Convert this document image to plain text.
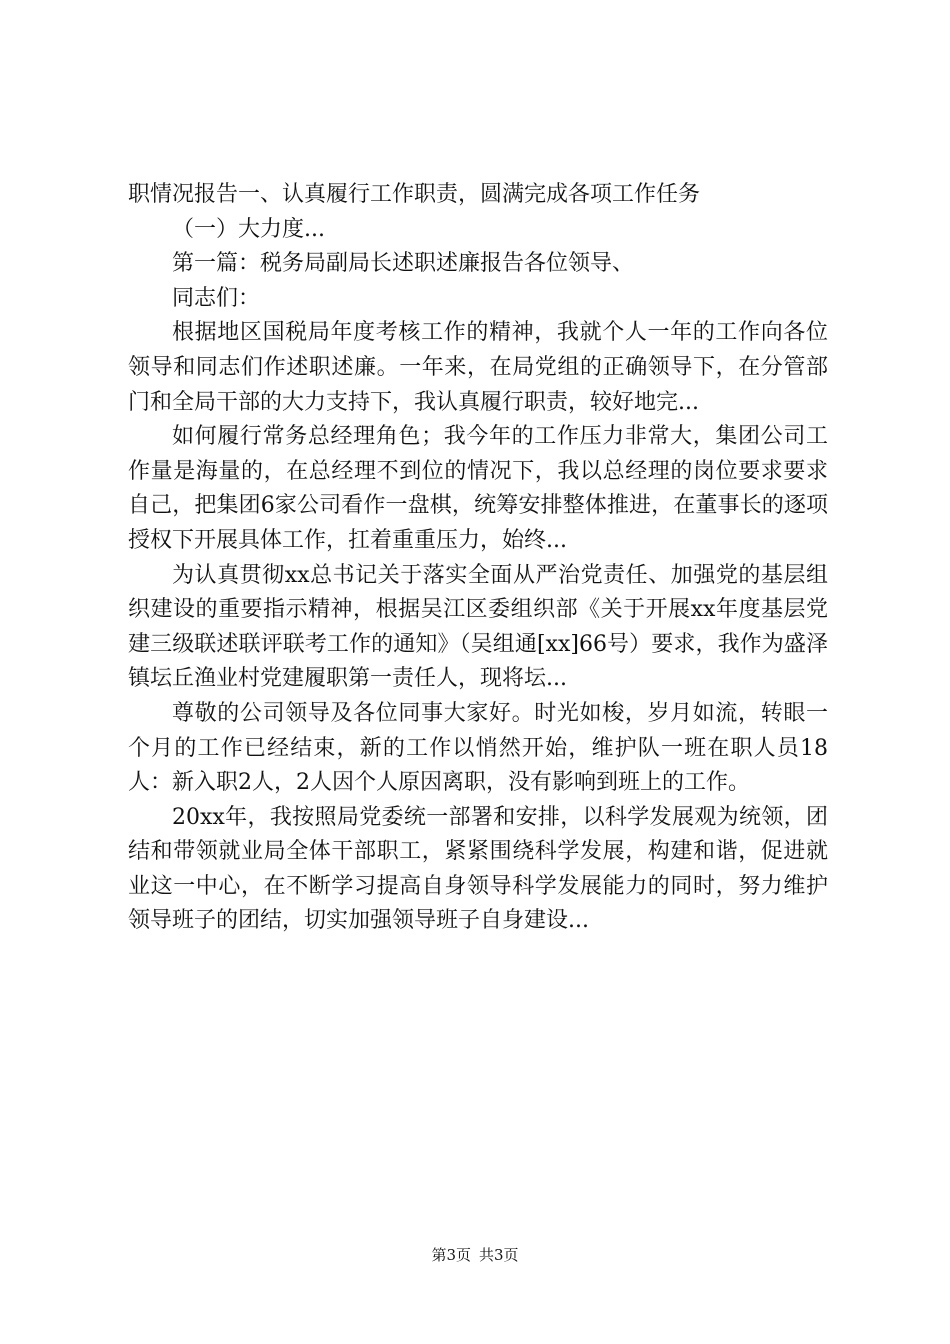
职情况报告一、认真履行工作职责，圆满完成各项工作任务

（一）大力度...

第一篇：税务局副局长述职述廉报告各位领导、

同志们：

根据地区国税局年度考核工作的精神，我就个人一年的工作向各位领导和同志们作述职述廉。一年来，在局党组的正确领导下，在分管部门和全局干部的大力支持下，我认真履行职责，较好地完...

如何履行常务总经理角色；我今年的工作压力非常大，集团公司工作量是海量的，在总经理不到位的情况下，我以总经理的岗位要求要求自己，把集团6家公司看作一盘棋，统筹安排整体推进，在董事长的逐项授权下开展具体工作，扛着重重压力，始终...

为认真贯彻xx总书记关于落实全面从严治党责任、加强党的基层组织建设的重要指示精神，根据吴江区委组织部《关于开展xx年度基层党建三级联述联评联考工作的通知》（吴组通[xx]66号）要求，我作为盛泽镇坛丘渔业村党建履职第一责任人，现将坛...

尊敬的公司领导及各位同事大家好。时光如梭，岁月如流，转眼一个月的工作已经结束，新的工作以悄然开始，维护队一班在职人员18人：新入职2人，2人因个人原因离职，没有影响到班上的工作。

20xx年，我按照局党委统一部署和安排，以科学发展观为统领，团结和带领就业局全体干部职工，紧紧围绕科学发展，构建和谐，促进就业这一中心，在不断学习提高自身领导科学发展能力的同时，努力维护领导班子的团结，切实加强领导班子自身建设...

第3页 共3页
